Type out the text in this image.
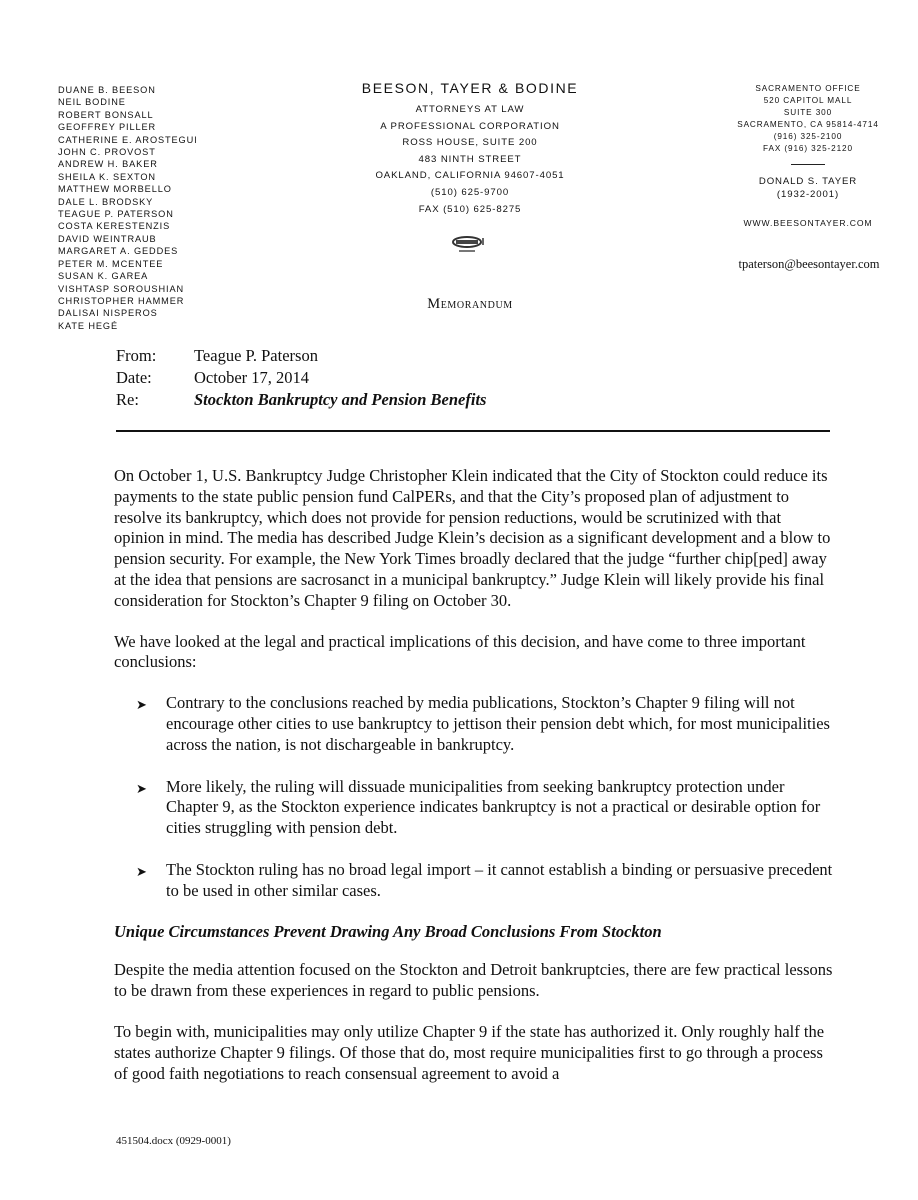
DUANE B. BEESON
NEIL BODINE
ROBERT BONSALL
GEOFFREY PILLER
CATHERINE E. AROSTEGUI
JOHN C. PROVOST
ANDREW H. BAKER
SHEILA K. SEXTON
MATTHEW MORBELLO
DALE L. BRODSKY
TEAGUE P. PATERSON
COSTA KERESTENZIS
DAVID WEINTRAUB
MARGARET A. GEDDES
PETER M. MCENTEE
SUSAN K. GAREA
VISHTASP SOROUSHIAN
CHRISTOPHER HAMMER
DALISAI NISPEROS
KATE HEGÉ
BEESON, TAYER & BODINE
ATTORNEYS AT LAW
A PROFESSIONAL CORPORATION
ROSS HOUSE, SUITE 200
483 NINTH STREET
OAKLAND, CALIFORNIA 94607-4051
(510) 625-9700
FAX (510) 625-8275
SACRAMENTO OFFICE
520 CAPITOL MALL
SUITE 300
SACRAMENTO, CA 95814-4714
(916) 325-2100
FAX (916) 325-2120
DONALD S. TAYER
(1932-2001)
WWW.BEESONTAYER.COM
tpaterson@beesontayer.com
Memorandum
From:	Teague P. Paterson
Date:	October 17, 2014
Re:	Stockton Bankruptcy and Pension Benefits

On October 1, U.S. Bankruptcy Judge Christopher Klein indicated that the City of Stockton could reduce its payments to the state public pension fund CalPERs, and that the City’s proposed plan of adjustment to resolve its bankruptcy, which does not provide for pension reductions, would be scrutinized with that opinion in mind. The media has described Judge Klein’s decision as a significant development and a blow to pension security. For example, the New York Times broadly declared that the judge “further chip[ped] away at the idea that pensions are sacrosanct in a municipal bankruptcy.” Judge Klein will likely provide his final consideration for Stockton’s Chapter 9 filing on October 30.

We have looked at the legal and practical implications of this decision, and have come to three important conclusions:

➤	Contrary to the conclusions reached by media publications, Stockton’s Chapter 9 filing will not encourage other cities to use bankruptcy to jettison their pension debt which, for most municipalities across the nation, is not dischargeable in bankruptcy.
➤	More likely, the ruling will dissuade municipalities from seeking bankruptcy protection under Chapter 9, as the Stockton experience indicates bankruptcy is not a practical or desirable option for cities struggling with pension debt.
➤	The Stockton ruling has no broad legal import – it cannot establish a binding or persuasive precedent to be used in other similar cases.
Unique Circumstances Prevent Drawing Any Broad Conclusions From Stockton

Despite the media attention focused on the Stockton and Detroit bankruptcies, there are few practical lessons to be drawn from these experiences in regard to public pensions.

To begin with, municipalities may only utilize Chapter 9 if the state has authorized it. Only roughly half the states authorize Chapter 9 filings. Of those that do, most require municipalities first to go through a process of good faith negotiations to reach consensual agreement to avoid a

451504.docx (0929-0001)
